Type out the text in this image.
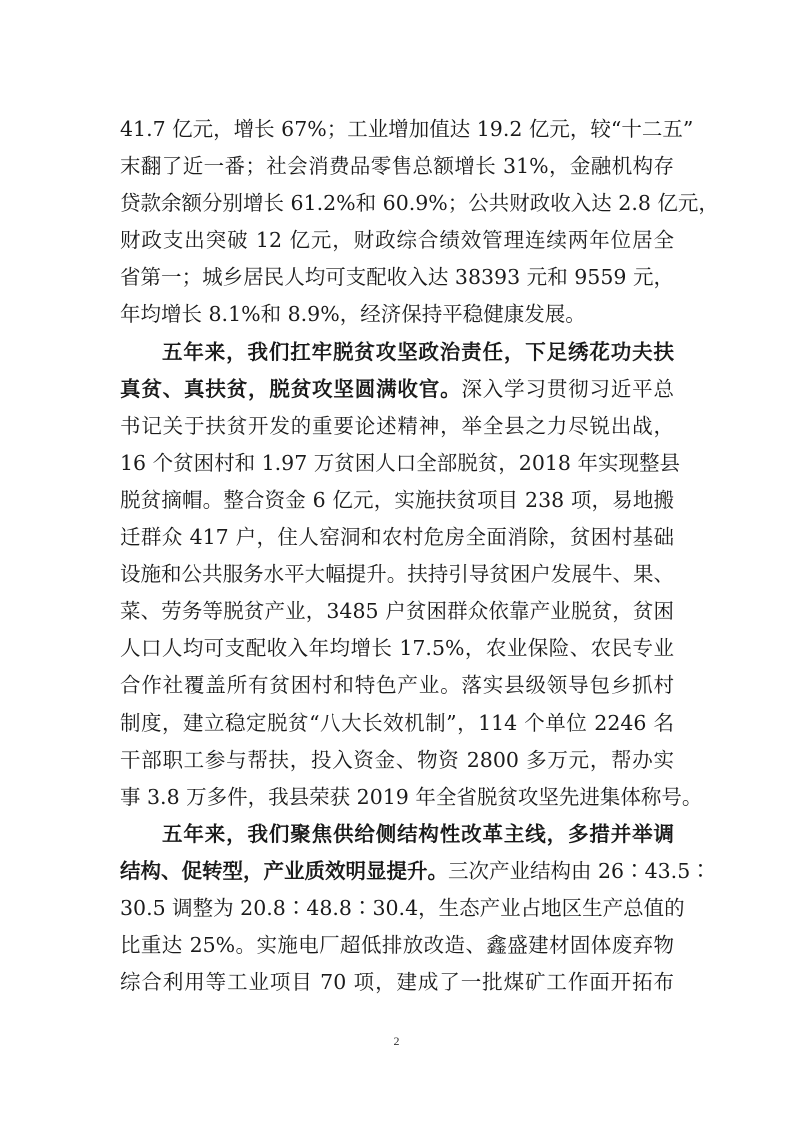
41.7 亿元，增长 67%；工业增加值达 19.2 亿元，较“十二五”
末翻了近一番；社会消费品零售总额增长 31%，金融机构存
贷款余额分别增长 61.2%和 60.9%；公共财政收入达 2.8 亿元，
财政支出突破 12 亿元，财政综合绩效管理连续两年位居全
省第一；城乡居民人均可支配收入达 38393 元和 9559 元，
年均增长 8.1%和 8.9%，经济保持平稳健康发展。
五年来，我们扛牢脱贫攻坚政治责任，下足绣花功夫扶
真贫、真扶贫，脱贫攻坚圆满收官。深入学习贯彻习近平总
书记关于扶贫开发的重要论述精神，举全县之力尽锐出战，
16 个贫困村和 1.97 万贫困人口全部脱贫，2018 年实现整县
脱贫摘帽。整合资金 6 亿元，实施扶贫项目 238 项，易地搬
迁群众 417 户，住人窑洞和农村危房全面消除，贫困村基础
设施和公共服务水平大幅提升。扶持引导贫困户发展牛、果、
菜、劳务等脱贫产业，3485 户贫困群众依靠产业脱贫，贫困
人口人均可支配收入年均增长 17.5%，农业保险、农民专业
合作社覆盖所有贫困村和特色产业。落实县级领导包乡抓村
制度，建立稳定脱贫“八大长效机制”，114 个单位 2246 名
干部职工参与帮扶，投入资金、物资 2800 多万元，帮办实
事 3.8 万多件，我县荣获 2019 年全省脱贫攻坚先进集体称号。
五年来，我们聚焦供给侧结构性改革主线，多措并举调
结构、促转型，产业质效明显提升。三次产业结构由 26∶43.5∶
30.5 调整为 20.8∶48.8∶30.4，生态产业占地区生产总值的
比重达 25%。实施电厂超低排放改造、鑫盛建材固体废弃物
综合利用等工业项目 70 项，建成了一批煤矿工作面开拓布
2
